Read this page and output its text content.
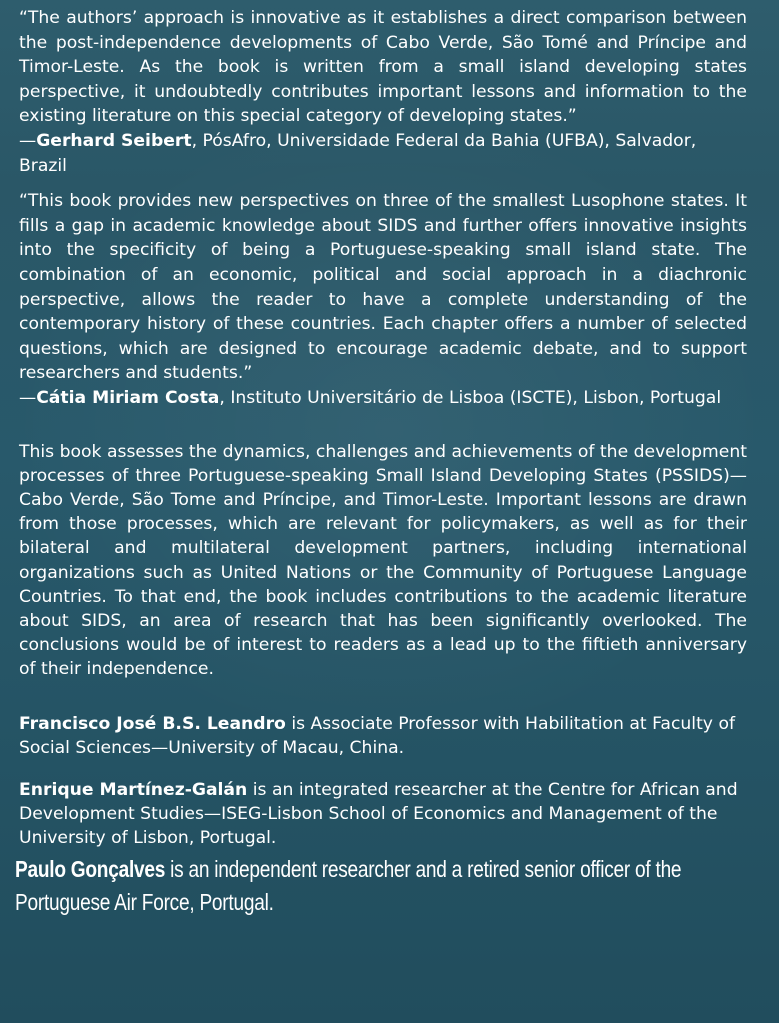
“The authors’ approach is innovative as it establishes a direct comparison between the post-independence developments of Cabo Verde, São Tomé and Príncipe and Timor-Leste. As the book is written from a small island developing states perspective, it undoubtedly contributes important lessons and information to the existing literature on this special category of developing states.”

—Gerhard Seibert, PósAfro, Universidade Federal da Bahia (UFBA), Salvador, Brazil

“This book provides new perspectives on three of the smallest Lusophone states. It fills a gap in academic knowledge about SIDS and further offers innovative insights into the specificity of being a Portuguese-speaking small island state. The combination of an economic, political and social approach in a diachronic perspective, allows the reader to have a complete understanding of the contemporary history of these countries. Each chapter offers a number of selected questions, which are designed to encourage academic debate, and to support researchers and students.”

—Cátia Miriam Costa, Instituto Universitário de Lisboa (ISCTE), Lisbon, Portugal

This book assesses the dynamics, challenges and achievements of the development processes of three Portuguese-speaking Small Island Developing States (PSSIDS)—Cabo Verde, São Tome and Príncipe, and Timor-Leste. Important lessons are drawn from those processes, which are relevant for policymakers, as well as for their bilateral and multilateral development partners, including international organizations such as United Nations or the Community of Portuguese Language Countries. To that end, the book includes contributions to the academic literature about SIDS, an area of research that has been significantly overlooked. The conclusions would be of interest to readers as a lead up to the fiftieth anniversary of their independence.

Francisco José B.S. Leandro is Associate Professor with Habilitation at Faculty of Social Sciences—University of Macau, China.

Enrique Martínez-Galán is an integrated researcher at the Centre for African and Development Studies—ISEG-Lisbon School of Economics and Management of the University of Lisbon, Portugal.

Paulo Gonçalves is an independent researcher and a retired senior officer of the Portuguese Air Force, Portugal.
